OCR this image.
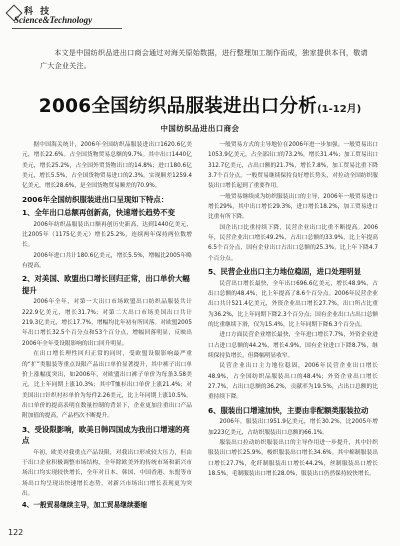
科 技
Science&Technology
本文是中国纺织品进出口商会通过对海关原始数据，进行整理加工制作而成，独家提供本刊，敬请广大企业关注。
2006全国纺织品服装进出口分析(1-12月)
中国纺织品进出口商会

据中国海关统计，2006年全国纺织品服装进出口1620.6亿美元，增长22.6%。占全国货物贸易总额的9.7%。其中出口1440亿美元，增长25.2%，占全国外贸货物出口的14.8%；进口180.6亿美元，增长5.5%，占全国货物贸易进口的2.3%。实现顺差1259.4亿美元，增长28.6%，是全国货物贸易顺差的70.9%。

2006年全国纺织服装进出口呈现如下特点：
1、全年出口总额再创新高，快速增长趋势不变

2006年纺织品服装出口额再创历史新高，达到1440亿美元，比2005年（1175亿美元）增长25.2%，连续两年保持两位数增长。

2006年进口共计180.6亿美元，增长5.5%，增幅比2005年略有提高。

2、对美国、欧盟出口增长回归正常，出口单价大幅提升

2006年全年，对第一大出口市场欧盟出口纺织品服装共计222.9亿美元，增长31.7%；对第二大出口市场美国出口共计219.3亿美元，增长17.7%，增幅均比年初有所回落。对欧盟2005年出口增长32.5个百分点和53个百分点，增幅回落明显，反映出2006年全年受设限影响的出口回升明显。

在出口增长理性回归正常的同时，受欧盟设限影响最严重的“扩”类服装等重点设限产品出口单价显著提升，其中裤子出口单价上涨幅度突出，如2006年，对欧盟出口裤子单价为每条3.58美元，比上年同期上涨10.3%；其中T恤衫出口单价上涨21.4%；对美国出口针织衬衫单价为每件2.26美元，比上年同期上涨10.5%。出口单价的提高表明在数量控制的背景下，企业更加注重出口产品附加值的提高，产品档次不断提升。

3、受设限影响，欧美日韩四国成为我出口增速的亮点

年初，欧美对我重点产品设限，对我出口形成较大压力，但由于出口企业积极调整市场结构，全年除欧美外的传统市场和新兴市场出口均实现较快增长，全年对日本、韩国、中国香港、东盟等市场出口均呈现出快速增长态势，对新兴市场出口增长表现更为突出。

4、一般贸易继续主导，加工贸易继续萎缩

一般贸易方式的主导地位在2006年进一步加强。一般贸易出口1053.9亿美元，占全部出口的73.2%，增长31.4%；加工贸易出口312.7亿美元，占出口额的21.7%，增长7.8%，加工贸易比重下降3.7个百分点，一般贸易继续保持良好增长势头，对拉动全国纺织服装出口增长起到了重要作用。

一般贸易继续成为纺织服装出口的主导，2006年一般贸易进口增长29%，其中出口增长29.3%，进口增长18.2%，加工贸易进口比重有所下降。

国企出口比重持续下降，民营企业出口比重不断提高。2006年，民营企业出口增长49.2%，占出口总额的33.9%，比上年提高6.5个百分点，国有企业出口占出口总额的25.3%，比上年下降4.7个百分点。

5、民营企业出口主力地位稳固，进口处理明显

民营出口增长最快，全年出口696.6亿美元，增长48.9%，占出口总额的48.4%，比上年提高了8.6个百分点。2006年民营企业出口共计521.4亿美元，外资企业出口增长27.7%，出口所占比重为36.2%，比上年同期下降2.3个百分点；国有企业出口占出口总额的比重继续下滑，仅为15.4%，比上年同期下降6.3个百分点。

进口方面民营企业增长最快，全年进口增长7.7%，外资企业进口占进口总额的44.2%，增长4.9%，国有企业进口下降8.7%，继续保持负增长，但降幅明显收窄。

民营企业出口主力地位稳固，2006年民营企业出口增长48.9%，占全国纺织品服装出口的48.4%；外资企业出口增长27.7%，占出口总额的36.2%，贡献率为19.5%，占出口总额的比重持续下降。

6、服装出口增速加快，主要由非配额类服装拉动

2006年，服装出口951.9亿美元，增长30.2%，比2005年增加223亿美元，占纺织服装出口总额的66.1%。

服装出口拉动纺织服装出口的主导作用进一步提升，其中针织服装出口增长25.9%，梭织服装出口增长34.6%。其中棉制服装出口增长27.7%，化纤制服装出口增长44.2%，丝制服装出口增长18.5%，毛制服装出口增长28.0%，服装出口仍然保持较快增长。

122
